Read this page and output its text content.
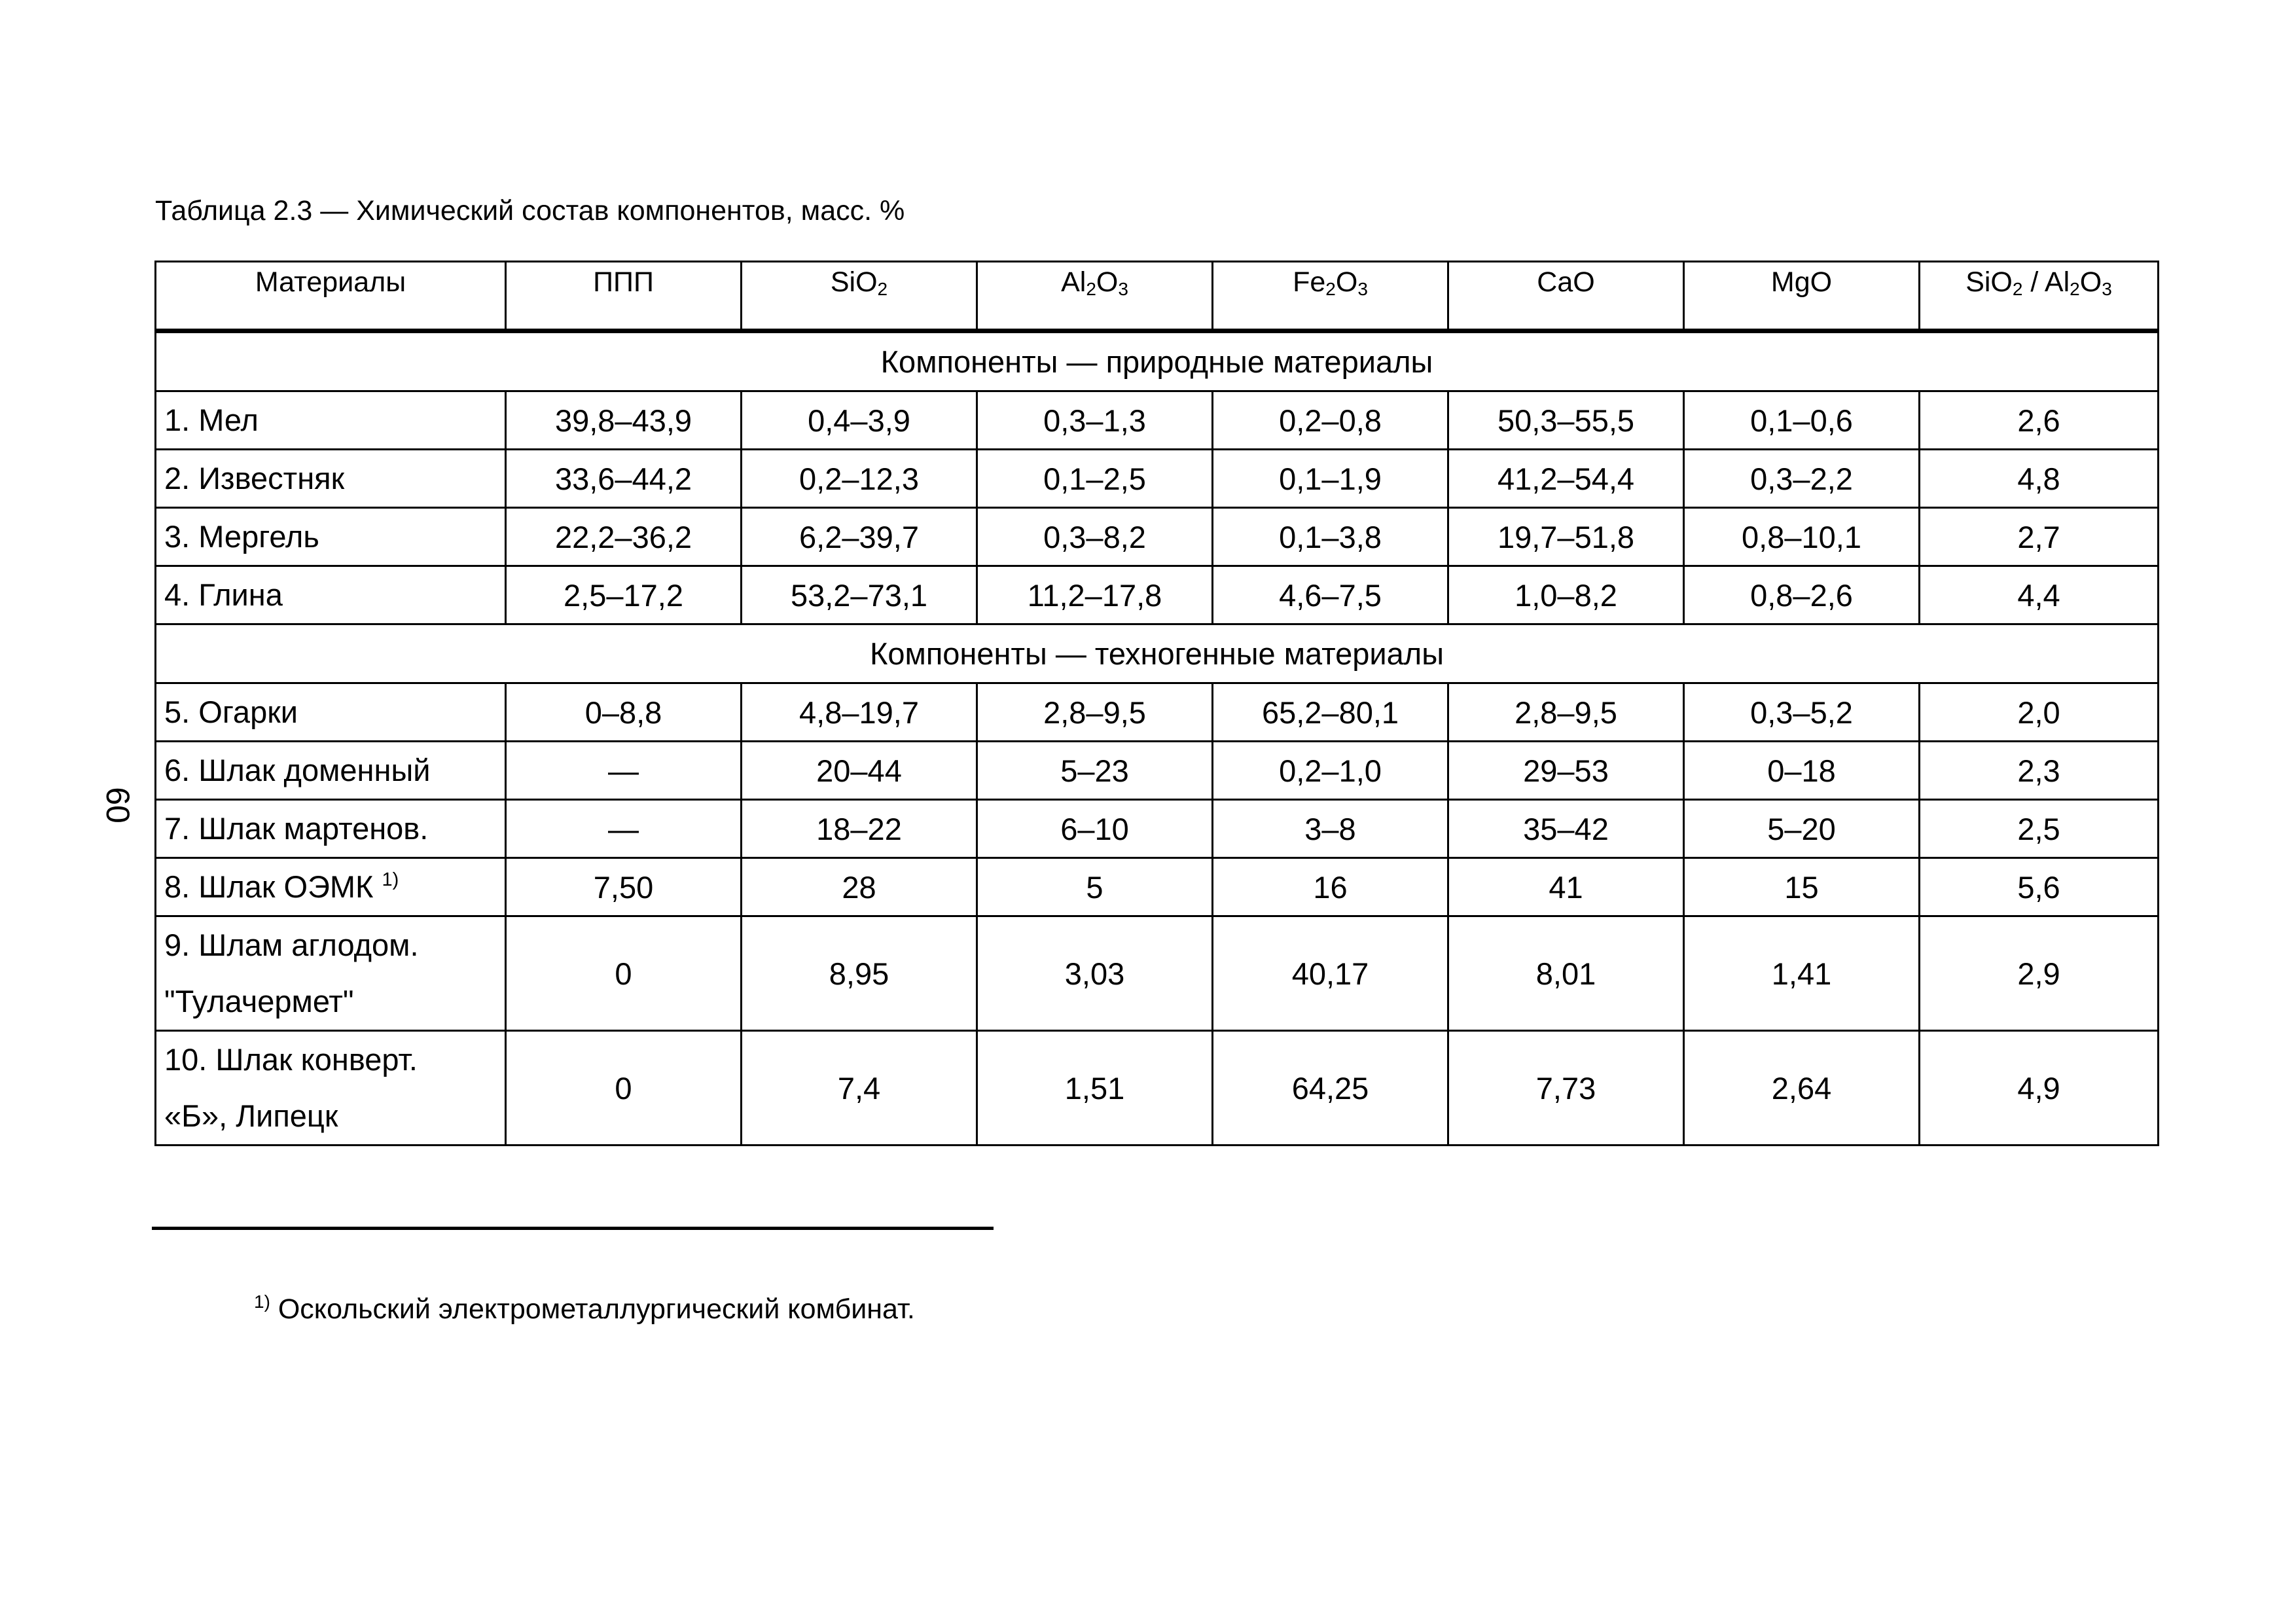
Таблица 2.3 — Химический состав компонентов, масс. %
60
Материалы	ППП	SiO$_2$	$Al_2O_3$	$Fe_2O_3$	CaO	MgO	$SiO_2 / Al_2O_3$
Компоненты — природные материалы							
1. Мел	39,8–43,9	0,4–3,9	0,3–1,3	0,2–0,8	50,3–55,5	0,1–0,6	2,6
2. Известняк	33,6–44,2	0,2–12,3	0,1–2,5	0,1–1,9	41,2–54,4	0,3–2,2	4,8
3. Мергель	22,2–36,2	6,2–39,7	0,3–8,2	0,1–3,8	19,7–51,8	0,8–10,1	2,7
4. Глина	2,5–17,2	53,2–73,1	11,2–17,8	4,6–7,5	1,0–8,2	0,8–2,6	4,4
Компоненты — техногенные материалы							
5. Огарки	0–8,8	4,8–19,7	2,8–9,5	65,2–80,1	2,8–9,5	0,3–5,2	2,0
6. Шлак доменный	—	20–44	5–23	0,2–1,0	29–53	0–18	2,3
7. Шлак мартенов.	—	18–22	6–10	3–8	35–42	5–20	2,5
8. Шлак ОЭМК $^{1)}$	7,50	28	5	16	41	15	5,6

9. Шлам аглодом.
"Тулачермет"	0	8,95	3,03	40,17	8,01	1,41	2,9

10. Шлак конверт.
«Б», Липецк	0	7,4	1,51	64,25	7,73	2,64	4,9
$^{1)}$ Оскольский электрометаллургический комбинат.
